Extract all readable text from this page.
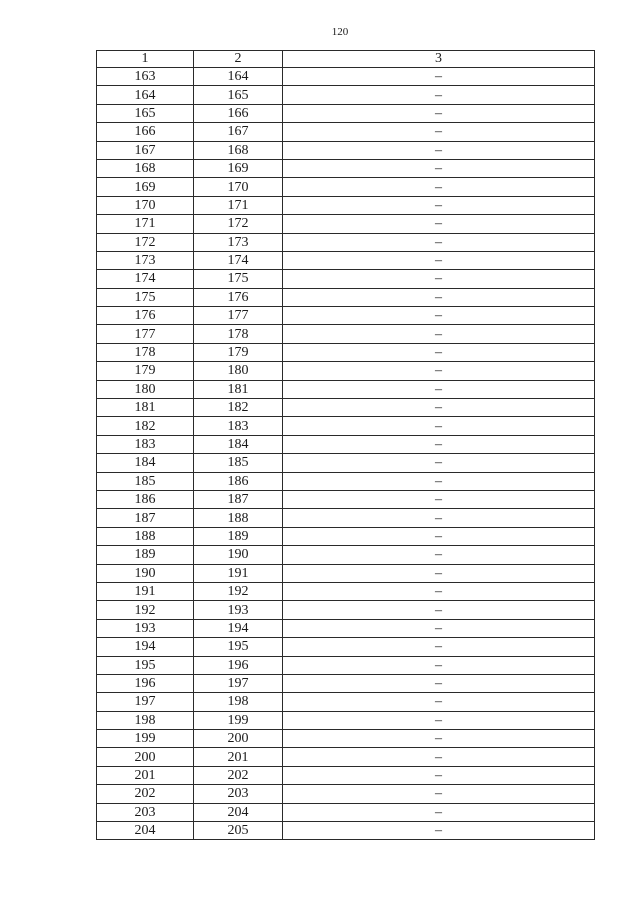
120
1	2	3
163	164	–
164	165	–
165	166	–
166	167	–
167	168	–
168	169	–
169	170	–
170	171	–
171	172	–
172	173	–
173	174	–
174	175	–
175	176	–
176	177	–
177	178	–
178	179	–
179	180	–
180	181	–
181	182	–
182	183	–
183	184	–
184	185	–
185	186	–
186	187	–
187	188	–
188	189	–
189	190	–
190	191	–
191	192	–
192	193	–
193	194	–
194	195	–
195	196	–
196	197	–
197	198	–
198	199	–
199	200	–
200	201	–
201	202	–
202	203	–
203	204	–
204	205	–
